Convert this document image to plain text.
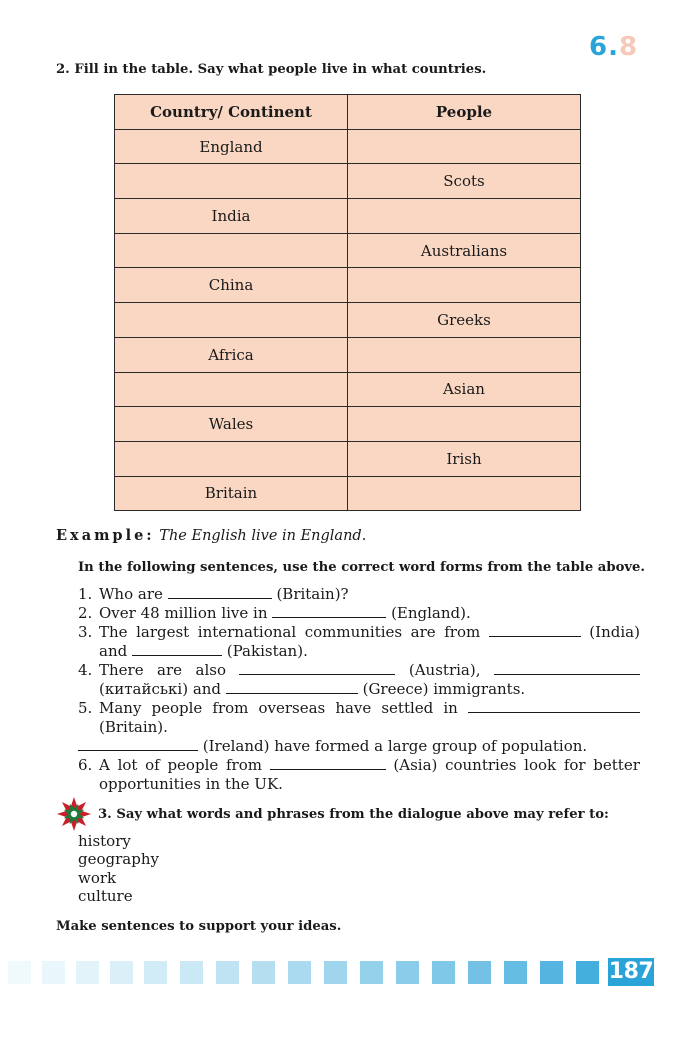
6 . 8
2. Fill in the table. Say what people live in what countries.
Country/ Continent	People
England	
	Scots
India	
	Australians
China	
	Greeks
Africa	
	Asian
Wales	
	Irish
Britain	
Example: The English live in England.
In the following sentences, use the correct word forms from the table above.
1. Who are	(Britain)?
2. Over 48 million live in	(England).
3. The largest international communities are from	(India)
and	(Pakistan).
4. There are also	(Austria),
(китайські) and	(Greece) immigrants.
5. Many people from overseas have settled in
(Britain).
(Ireland) have formed a large group of population.
6. A lot of people from	(Asia) countries look for better
opportunities in the UK.
3. Say what words and phrases from the dialogue above may refer to:
history
geography
work
culture
Make sentences to support your ideas.
187
